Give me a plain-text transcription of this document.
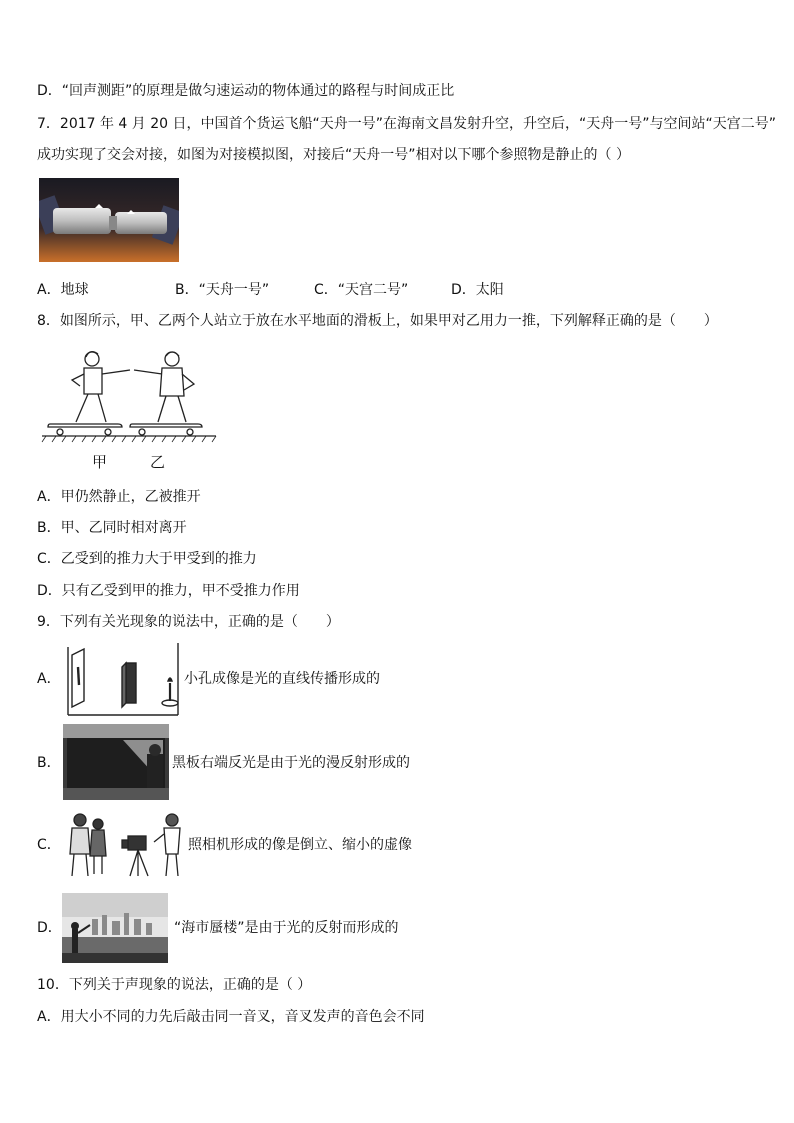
D．“回声测距”的原理是做匀速运动的物体通过的路程与时间成正比
7．2017 年 4 月 20 日，中国首个货运飞船“天舟一号”在海南文昌发射升空，升空后，“天舟一号”与空间站“天宫二号”
成功实现了交会对接，如图为对接模拟图，对接后“天舟一号”相对以下哪个参照物是静止的（ ）
A．地球	B．“天舟一号”	C．“天宫二号”	D．太阳
8．如图所示，甲、乙两个人站立于放在水平地面的滑板上，如果甲对乙用力一推，下列解释正确的是（　　）
甲	乙
A．甲仍然静止，乙被推开
B．甲、乙同时相对离开
C．乙受到的推力大于甲受到的推力
D．只有乙受到甲的推力，甲不受推力作用
9．下列有关光现象的说法中，正确的是（　　）
A．	小孔成像是光的直线传播形成的
B．	黑板右端反光是由于光的漫反射形成的
C．	照相机形成的像是倒立、缩小的虚像
D．	“海市蜃楼”是由于光的反射而形成的
10．下列关于声现象的说法，正确的是（ ）
A．用大小不同的力先后敲击同一音叉，音叉发声的音色会不同
